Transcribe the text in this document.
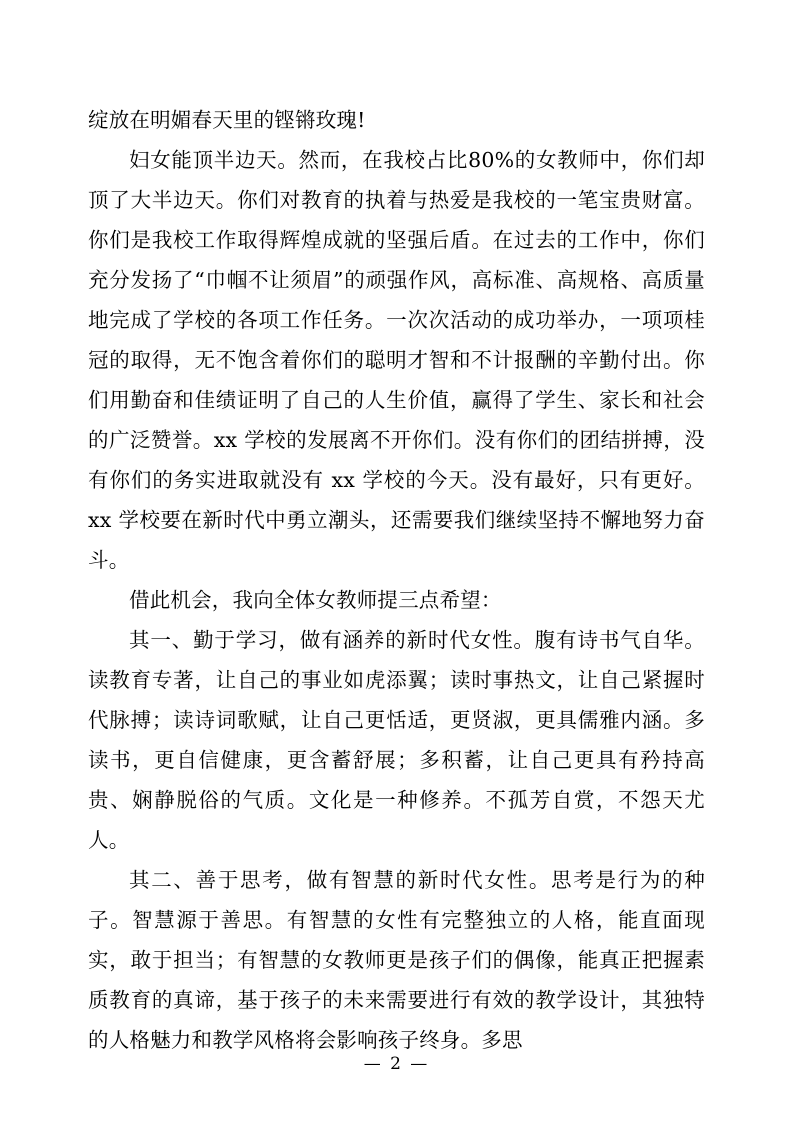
绽放在明媚春天里的铿锵玫瑰!

妇女能顶半边天。然而，在我校占比80%的女教师中，你们却顶了大半边天。你们对教育的执着与热爱是我校的一笔宝贵财富。你们是我校工作取得辉煌成就的坚强后盾。在过去的工作中，你们充分发扬了“巾帼不让须眉”的顽强作风，高标准、高规格、高质量地完成了学校的各项工作任务。一次次活动的成功举办，一项项桂冠的取得，无不饱含着你们的聪明才智和不计报酬的辛勤付出。你们用勤奋和佳绩证明了自己的人生价值，赢得了学生、家长和社会的广泛赞誉。xx 学校的发展离不开你们。没有你们的团结拼搏，没有你们的务实进取就没有 xx 学校的今天。没有最好，只有更好。xx 学校要在新时代中勇立潮头，还需要我们继续坚持不懈地努力奋斗。

借此机会，我向全体女教师提三点希望：

其一、勤于学习，做有涵养的新时代女性。腹有诗书气自华。读教育专著，让自己的事业如虎添翼；读时事热文，让自己紧握时代脉搏；读诗词歌赋，让自己更恬适，更贤淑，更具儒雅内涵。多读书，更自信健康，更含蓄舒展；多积蓄，让自己更具有矜持高贵、娴静脱俗的气质。文化是一种修养。不孤芳自赏，不怨天尤人。

其二、善于思考，做有智慧的新时代女性。思考是行为的种子。智慧源于善思。有智慧的女性有完整独立的人格，能直面现实，敢于担当；有智慧的女教师更是孩子们的偶像，能真正把握素质教育的真谛，基于孩子的未来需要进行有效的教学设计，其独特的人格魅力和教学风格将会影响孩子终身。多思

— 2 —
